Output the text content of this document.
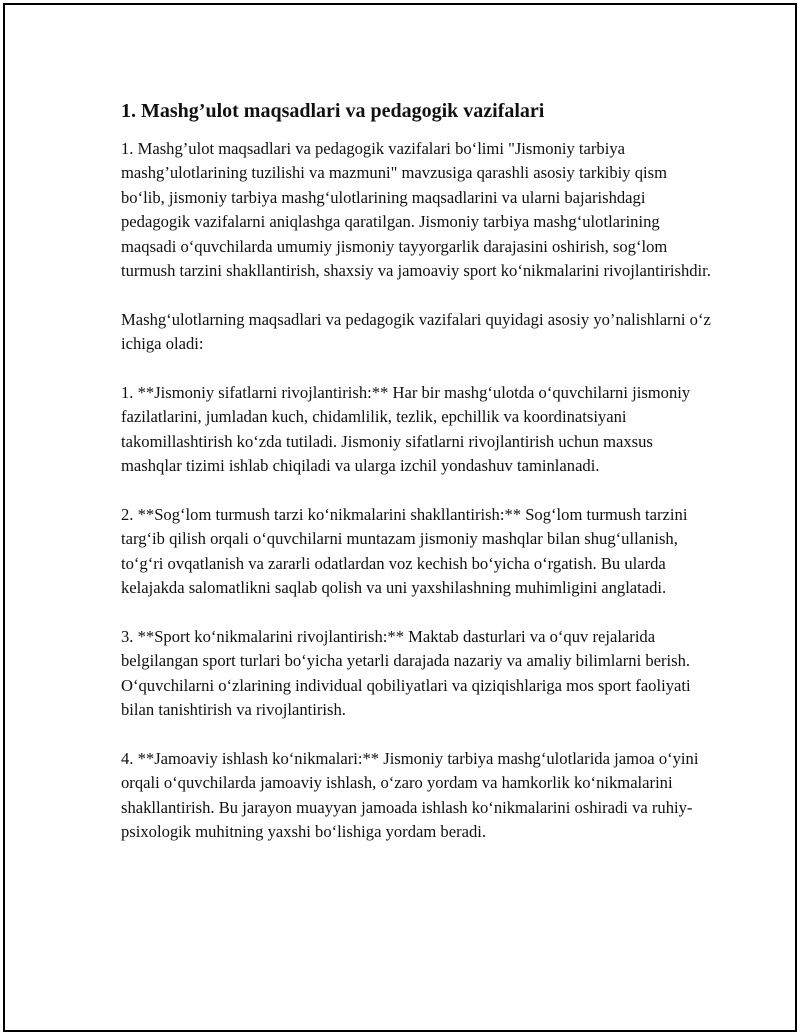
1. Mashg’ulot maqsadlari va pedagogik vazifalari

1. Mashg’ulot maqsadlari va pedagogik vazifalari bo‘limi "Jismoniy tarbiya mashg’ulotlarining tuzilishi va mazmuni" mavzusiga qarashli asosiy tarkibiy qism bo‘lib, jismoniy tarbiya mashg‘ulotlarining maqsadlarini va ularni bajarishdagi pedagogik vazifalarni aniqlashga qaratilgan. Jismoniy tarbiya mashg‘ulotlarining maqsadi o‘quvchilarda umumiy jismoniy tayyorgarlik darajasini oshirish, sog‘lom turmush tarzini shakllantirish, shaxsiy va jamoaviy sport ko‘nikmalarini rivojlantirishdir.

Mashg‘ulotlarning maqsadlari va pedagogik vazifalari quyidagi asosiy yo’nalishlarni o‘z ichiga oladi:

1. **Jismoniy sifatlarni rivojlantirish:** Har bir mashg‘ulotda o‘quvchilarni jismoniy fazilatlarini, jumladan kuch, chidamlilik, tezlik, epchillik va koordinatsiyani takomillashtirish ko‘zda tutiladi. Jismoniy sifatlarni rivojlantirish uchun maxsus mashqlar tizimi ishlab chiqiladi va ularga izchil yondashuv taminlanadi.

2. **Sog‘lom turmush tarzi ko‘nikmalarini shakllantirish:** Sog‘lom turmush tarzini targ‘ib qilish orqali o‘quvchilarni muntazam jismoniy mashqlar bilan shug‘ullanish, to‘g‘ri ovqatlanish va zararli odatlardan voz kechish bo‘yicha o‘rgatish. Bu ularda kelajakda salomatlikni saqlab qolish va uni yaxshilashning muhimligini anglatadi.

3. **Sport ko‘nikmalarini rivojlantirish:** Maktab dasturlari va o‘quv rejalarida belgilangan sport turlari bo‘yicha yetarli darajada nazariy va amaliy bilimlarni berish. O‘quvchilarni o‘zlarining individual qobiliyatlari va qiziqishlariga mos sport faoliyati bilan tanishtirish va rivojlantirish.

4. **Jamoaviy ishlash ko‘nikmalari:** Jismoniy tarbiya mashg‘ulotlarida jamoa o‘yini orqali o‘quvchilarda jamoaviy ishlash, o‘zaro yordam va hamkorlik ko‘nikmalarini shakllantirish. Bu jarayon muayyan jamoada ishlash ko‘nikmalarini oshiradi va ruhiy-psixologik muhitning yaxshi bo‘lishiga yordam beradi.
